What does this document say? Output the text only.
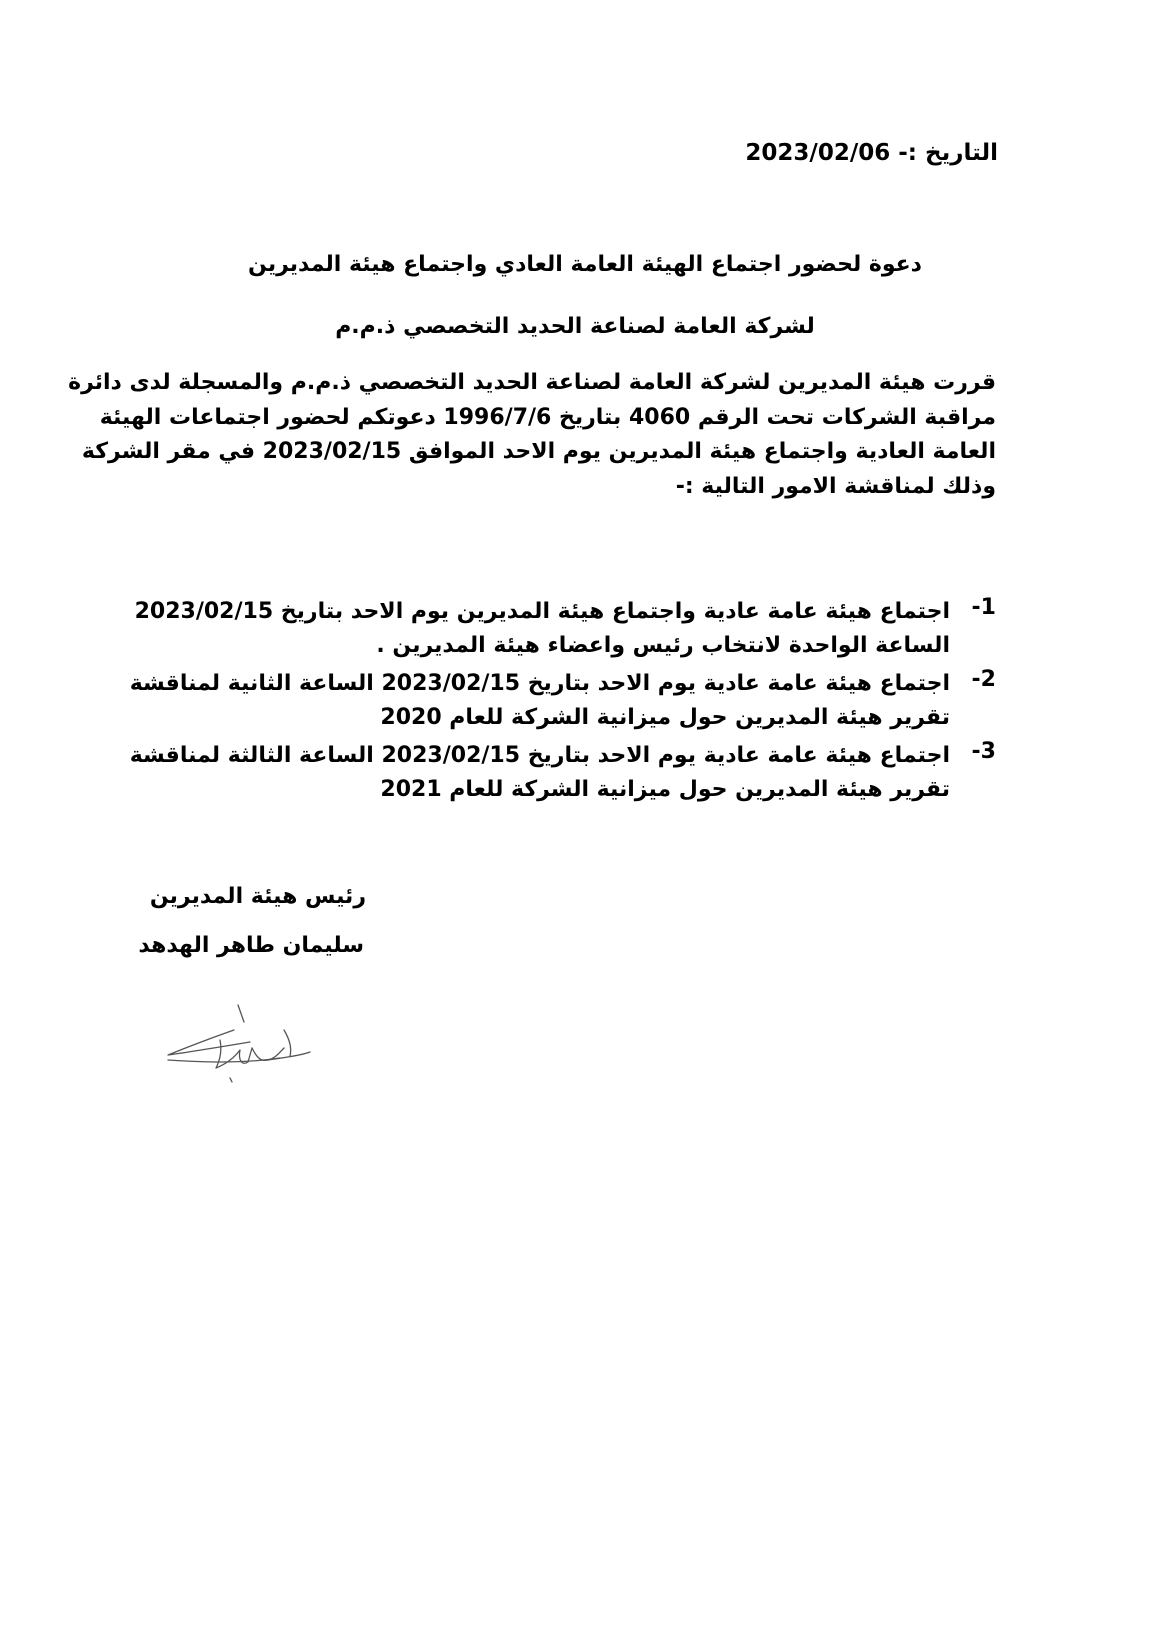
التاريخ :- 2023/02/06
دعوة لحضور اجتماع الهيئة العامة العادي واجتماع هيئة المديرين
لشركة العامة لصناعة الحديد التخصصي ذ.م.م
قررت هيئة المديرين لشركة العامة لصناعة الحديد التخصصي ذ.م.م والمسجلة لدى دائرة
مراقبة الشركات تحت الرقم 4060 بتاريخ 1996/7/6 دعوتكم لحضور اجتماعات الهيئة
العامة العادية واجتماع هيئة المديرين يوم الاحد الموافق 2023/02/15 في مقر الشركة
وذلك لمناقشة الامور التالية :-
-1
اجتماع هيئة عامة عادية واجتماع هيئة المديرين يوم الاحد بتاريخ 2023/02/15
الساعة الواحدة لانتخاب رئيس واعضاء هيئة المديرين .
-2
اجتماع هيئة عامة عادية يوم الاحد بتاريخ 2023/02/15 الساعة الثانية لمناقشة
تقرير هيئة المديرين حول ميزانية الشركة للعام 2020
-3
اجتماع هيئة عامة عادية يوم الاحد بتاريخ 2023/02/15 الساعة الثالثة لمناقشة
تقرير هيئة المديرين حول ميزانية الشركة للعام 2021
رئيس هيئة المديرين
سليمان طاهر الهدهد
